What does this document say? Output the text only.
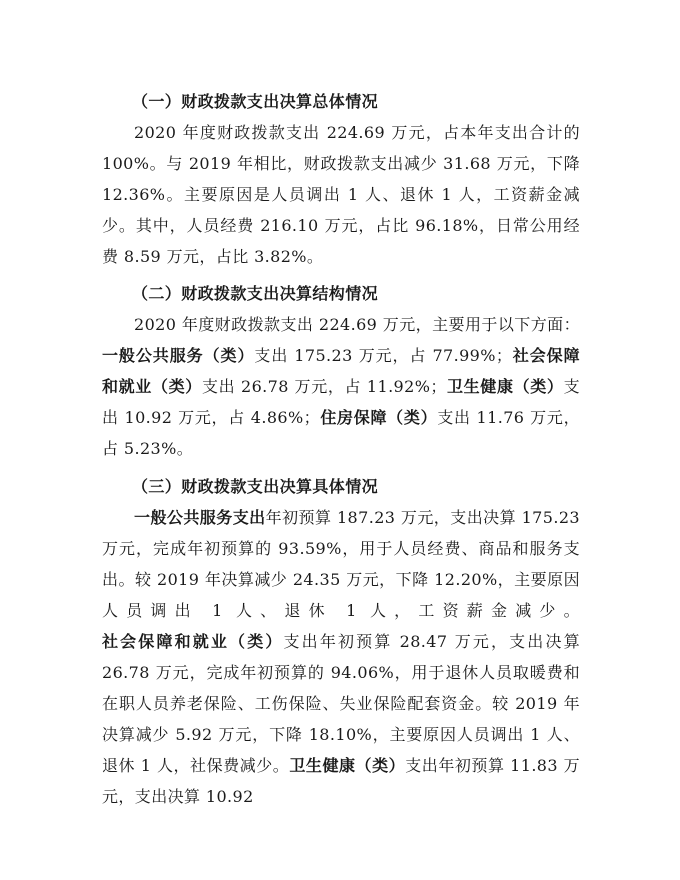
（一）财政拨款支出决算总体情况
2020 年度财政拨款支出 224.69 万元，占本年支出合计的 100%。与 2019 年相比，财政拨款支出减少 31.68 万元，下降 12.36%。主要原因是人员调出 1 人、退休 1 人，工资薪金减少。其中，人员经费 216.10 万元，占比 96.18%，日常公用经费 8.59 万元，占比 3.82%。
（二）财政拨款支出决算结构情况
2020 年度财政拨款支出 224.69 万元，主要用于以下方面：一般公共服务（类）支出 175.23 万元，占 77.99%；社会保障和就业（类）支出 26.78 万元，占 11.92%；卫生健康（类）支出 10.92 万元，占 4.86%；住房保障（类）支出 11.76 万元，占 5.23%。
（三）财政拨款支出决算具体情况
一般公共服务支出年初预算 187.23 万元，支出决算 175.23 万元，完成年初预算的 93.59%，用于人员经费、商品和服务支出。较 2019 年决算减少 24.35 万元，下降 12.20%，主要原因人员调出 1 人、退休 1 人，工资薪金减少。社会保障和就业（类）支出年初预算 28.47 万元，支出决算 26.78 万元，完成年初预算的 94.06%，用于退休人员取暖费和在职人员养老保险、工伤保险、失业保险配套资金。较 2019 年决算减少 5.92 万元，下降 18.10%，主要原因人员调出 1 人、退休 1 人，社保费减少。卫生健康（类）支出年初预算 11.83 万元，支出决算 10.92
